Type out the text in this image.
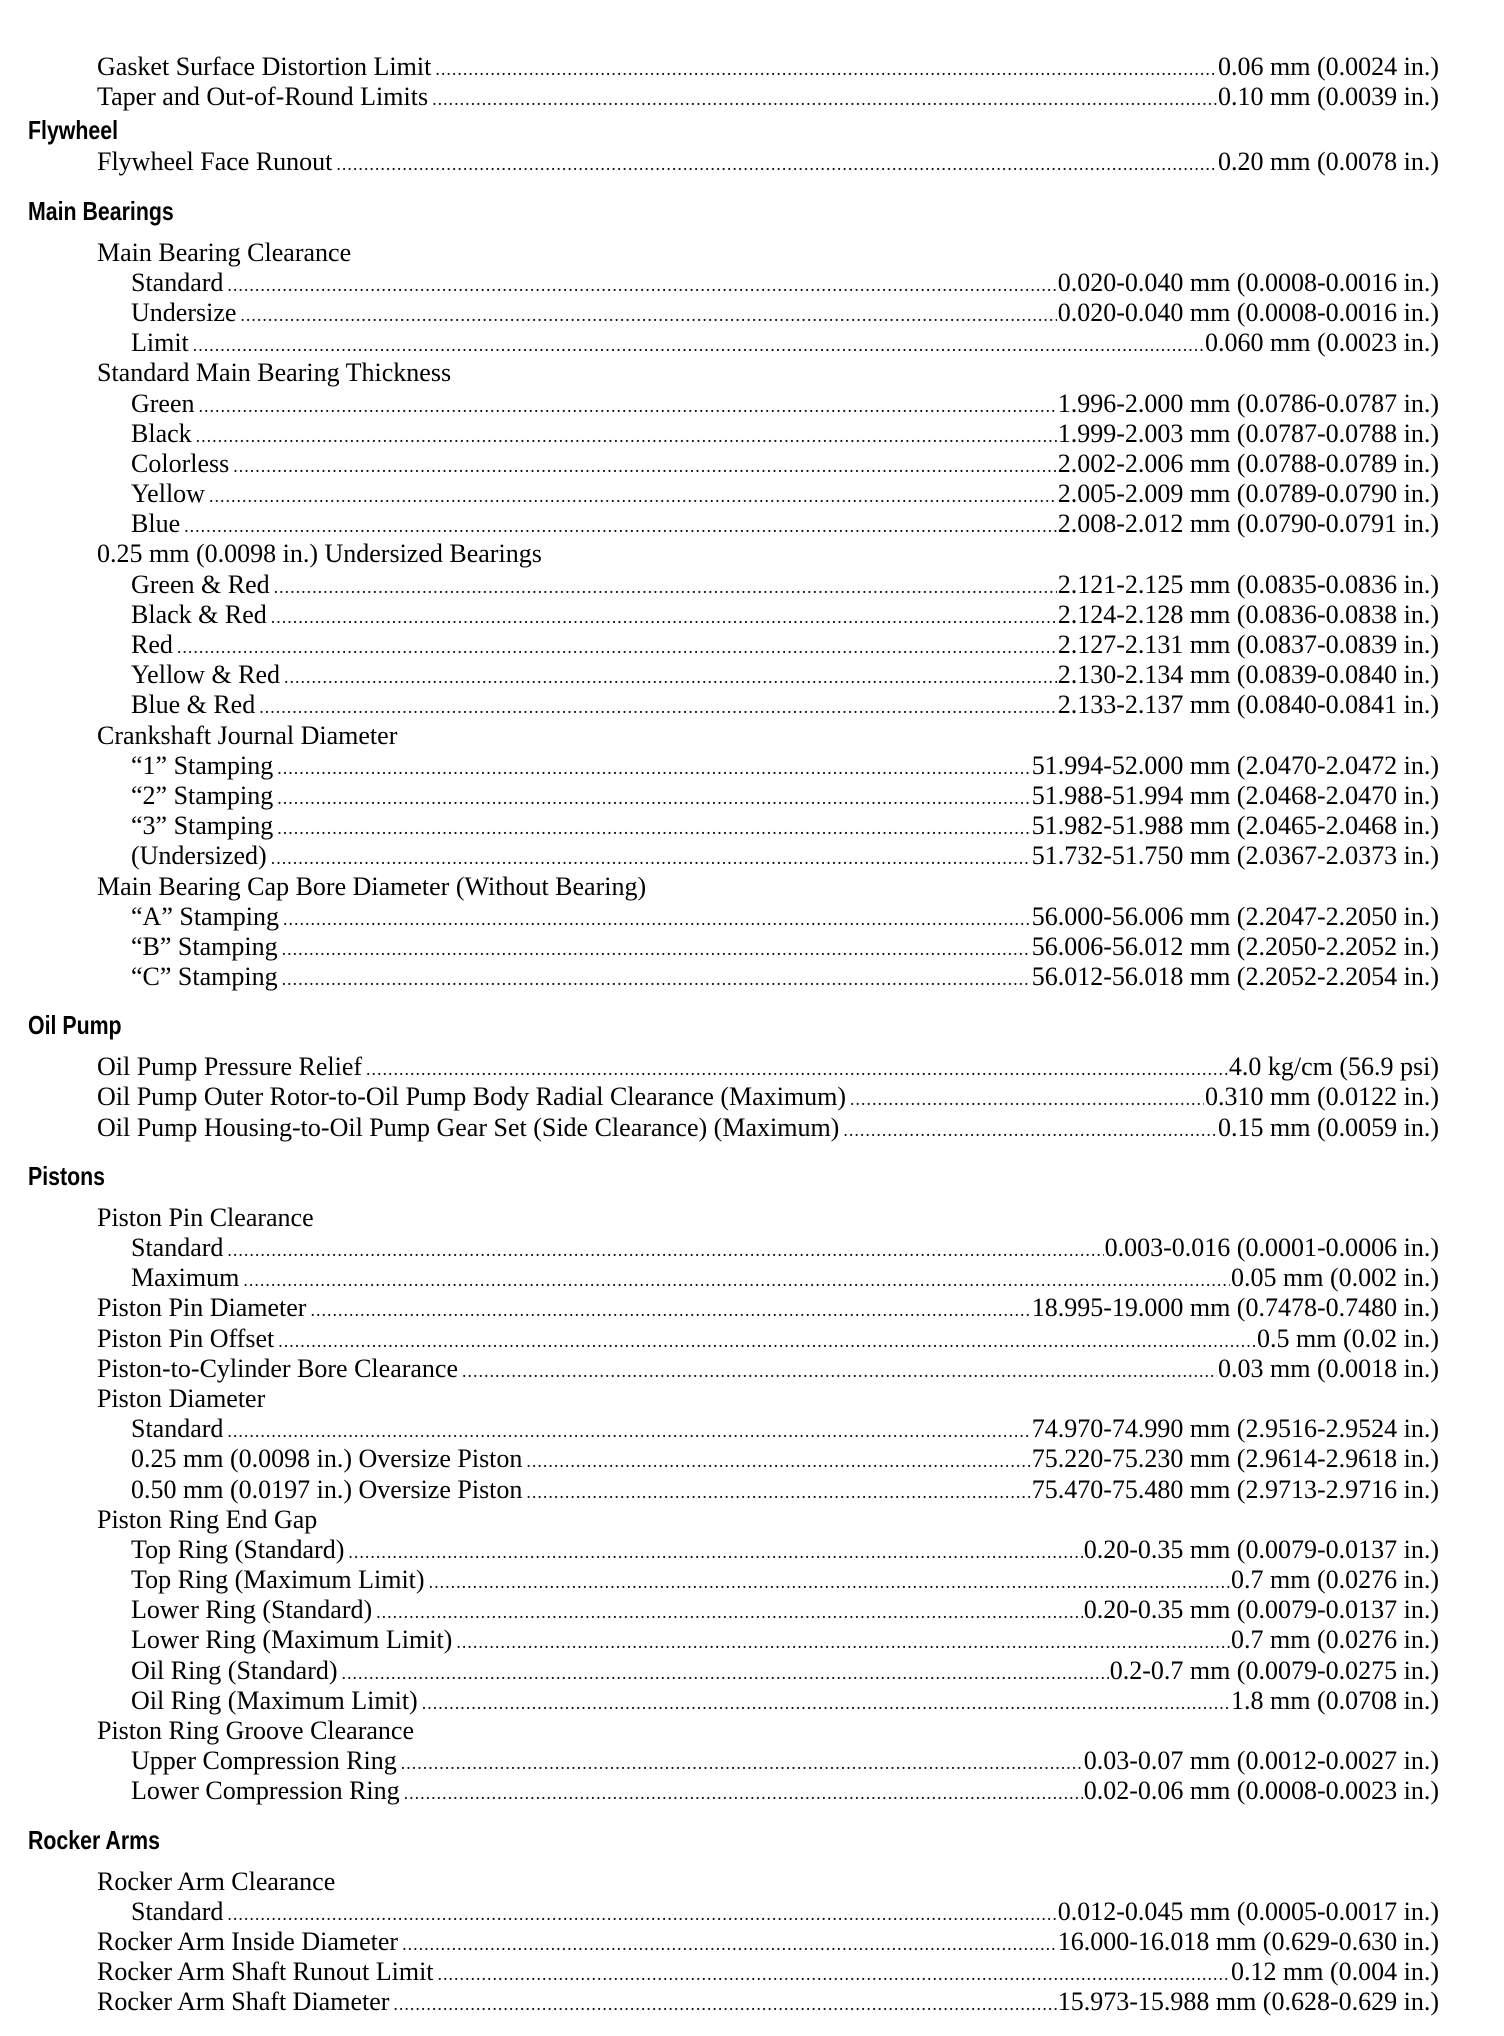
Gasket Surface Distortion Limit .....	0.06 mm (0.0024 in.)
Taper and Out-of-Round Limits .....	0.10 mm (0.0039 in.)
Flywheel
Flywheel Face Runout .....	0.20 mm (0.0078 in.)
Main Bearings
Main Bearing Clearance
Standard .....	0.020-0.040 mm (0.0008-0.0016 in.)
Undersize .....	0.020-0.040 mm (0.0008-0.0016 in.)
Limit .....	0.060 mm (0.0023 in.)
Standard Main Bearing Thickness
Green .....	1.996-2.000 mm (0.0786-0.0787 in.)
Black .....	1.999-2.003 mm (0.0787-0.0788 in.)
Colorless .....	2.002-2.006 mm (0.0788-0.0789 in.)
Yellow .....	2.005-2.009 mm (0.0789-0.0790 in.)
Blue .....	2.008-2.012 mm (0.0790-0.0791 in.)
0.25 mm (0.0098 in.) Undersized Bearings
Green & Red .....	2.121-2.125 mm (0.0835-0.0836 in.)
Black & Red .....	2.124-2.128 mm (0.0836-0.0838 in.)
Red .....	2.127-2.131 mm (0.0837-0.0839 in.)
Yellow & Red .....	2.130-2.134 mm (0.0839-0.0840 in.)
Blue & Red .....	2.133-2.137 mm (0.0840-0.0841 in.)
Crankshaft Journal Diameter
“1” Stamping .....	51.994-52.000 mm (2.0470-2.0472 in.)
“2” Stamping .....	51.988-51.994 mm (2.0468-2.0470 in.)
“3” Stamping .....	51.982-51.988 mm (2.0465-2.0468 in.)
(Undersized) .....	51.732-51.750 mm (2.0367-2.0373 in.)
Main Bearing Cap Bore Diameter (Without Bearing)
“A” Stamping .....	56.000-56.006 mm (2.2047-2.2050 in.)
“B” Stamping .....	56.006-56.012 mm (2.2050-2.2052 in.)
“C” Stamping .....	56.012-56.018 mm (2.2052-2.2054 in.)
Oil Pump
Oil Pump Pressure Relief .....	4.0 kg/cm (56.9 psi)
Oil Pump Outer Rotor-to-Oil Pump Body Radial Clearance (Maximum) .....	0.310 mm (0.0122 in.)
Oil Pump Housing-to-Oil Pump Gear Set (Side Clearance) (Maximum) .....	0.15 mm (0.0059 in.)
Pistons
Piston Pin Clearance
Standard .....	0.003-0.016 (0.0001-0.0006 in.)
Maximum .....	0.05 mm (0.002 in.)
Piston Pin Diameter .....	18.995-19.000 mm (0.7478-0.7480 in.)
Piston Pin Offset .....	0.5 mm (0.02 in.)
Piston-to-Cylinder Bore Clearance .....	0.03 mm (0.0018 in.)
Piston Diameter
Standard .....	74.970-74.990 mm (2.9516-2.9524 in.)
0.25 mm (0.0098 in.) Oversize Piston .....	75.220-75.230 mm (2.9614-2.9618 in.)
0.50 mm (0.0197 in.) Oversize Piston .....	75.470-75.480 mm (2.9713-2.9716 in.)
Piston Ring End Gap
Top Ring (Standard) .....	0.20-0.35 mm (0.0079-0.0137 in.)
Top Ring (Maximum Limit) .....	0.7 mm (0.0276 in.)
Lower Ring (Standard) .....	0.20-0.35 mm (0.0079-0.0137 in.)
Lower Ring (Maximum Limit) .....	0.7 mm (0.0276 in.)
Oil Ring (Standard) .....	0.2-0.7 mm (0.0079-0.0275 in.)
Oil Ring (Maximum Limit) .....	1.8 mm (0.0708 in.)
Piston Ring Groove Clearance
Upper Compression Ring .....	0.03-0.07 mm (0.0012-0.0027 in.)
Lower Compression Ring .....	0.02-0.06 mm (0.0008-0.0023 in.)
Rocker Arms
Rocker Arm Clearance
Standard .....	0.012-0.045 mm (0.0005-0.0017 in.)
Rocker Arm Inside Diameter .....	16.000-16.018 mm (0.629-0.630 in.)
Rocker Arm Shaft Runout Limit .....	0.12 mm (0.004 in.)
Rocker Arm Shaft Diameter .....	15.973-15.988 mm (0.628-0.629 in.)
